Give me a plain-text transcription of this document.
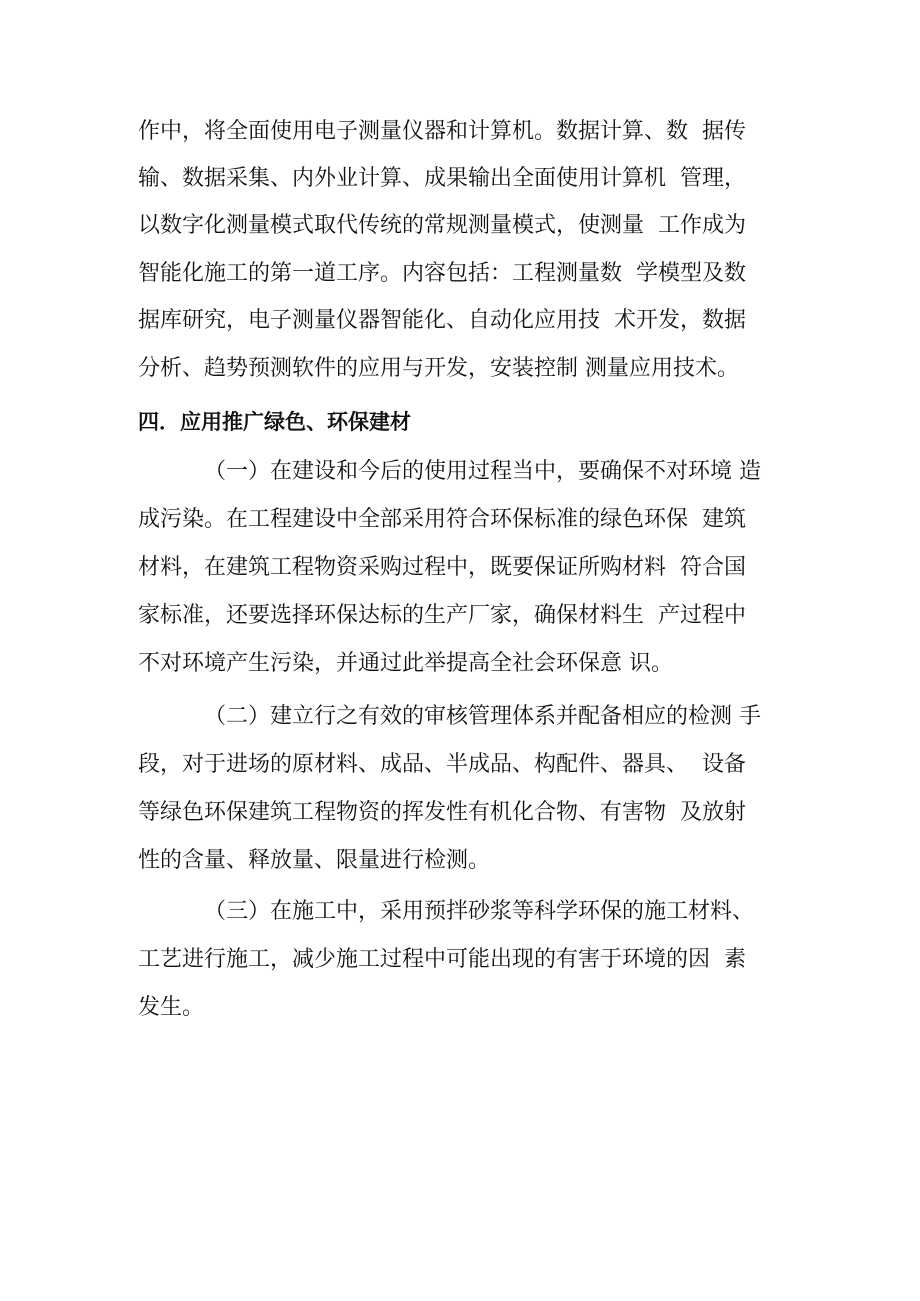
作中，将全面使用电子测量仪器和计算机。数据计算、数  据传
输、数据采集、内外业计算、成果输出全面使用计算机  管理，
以数字化测量模式取代传统的常规测量模式，使测量  工作成为
智能化施工的第一道工序。内容包括：工程测量数  学模型及数
据库研究，电子测量仪器智能化、自动化应用技  术开发，数据
分析、趋势预测软件的应用与开发，安装控制 测量应用技术。
四．应用推广绿色、环保建材
（一）在建设和今后的使用过程当中，要确保不对环境 造
成污染。在工程建设中全部采用符合环保标准的绿色环保  建筑
材料，在建筑工程物资采购过程中，既要保证所购材料  符合国
家标准，还要选择环保达标的生产厂家，确保材料生  产过程中
不对环境产生污染，并通过此举提高全社会环保意 识。
（二）建立行之有效的审核管理体系并配备相应的检测 手
段，对于进场的原材料、成品、半成品、构配件、器具、  设备
等绿色环保建筑工程物资的挥发性有机化合物、有害物  及放射
性的含量、释放量、限量进行检测。
（三）在施工中，采用预拌砂浆等科学环保的施工材料、
工艺进行施工，减少施工过程中可能出现的有害于环境的因  素
发生。
